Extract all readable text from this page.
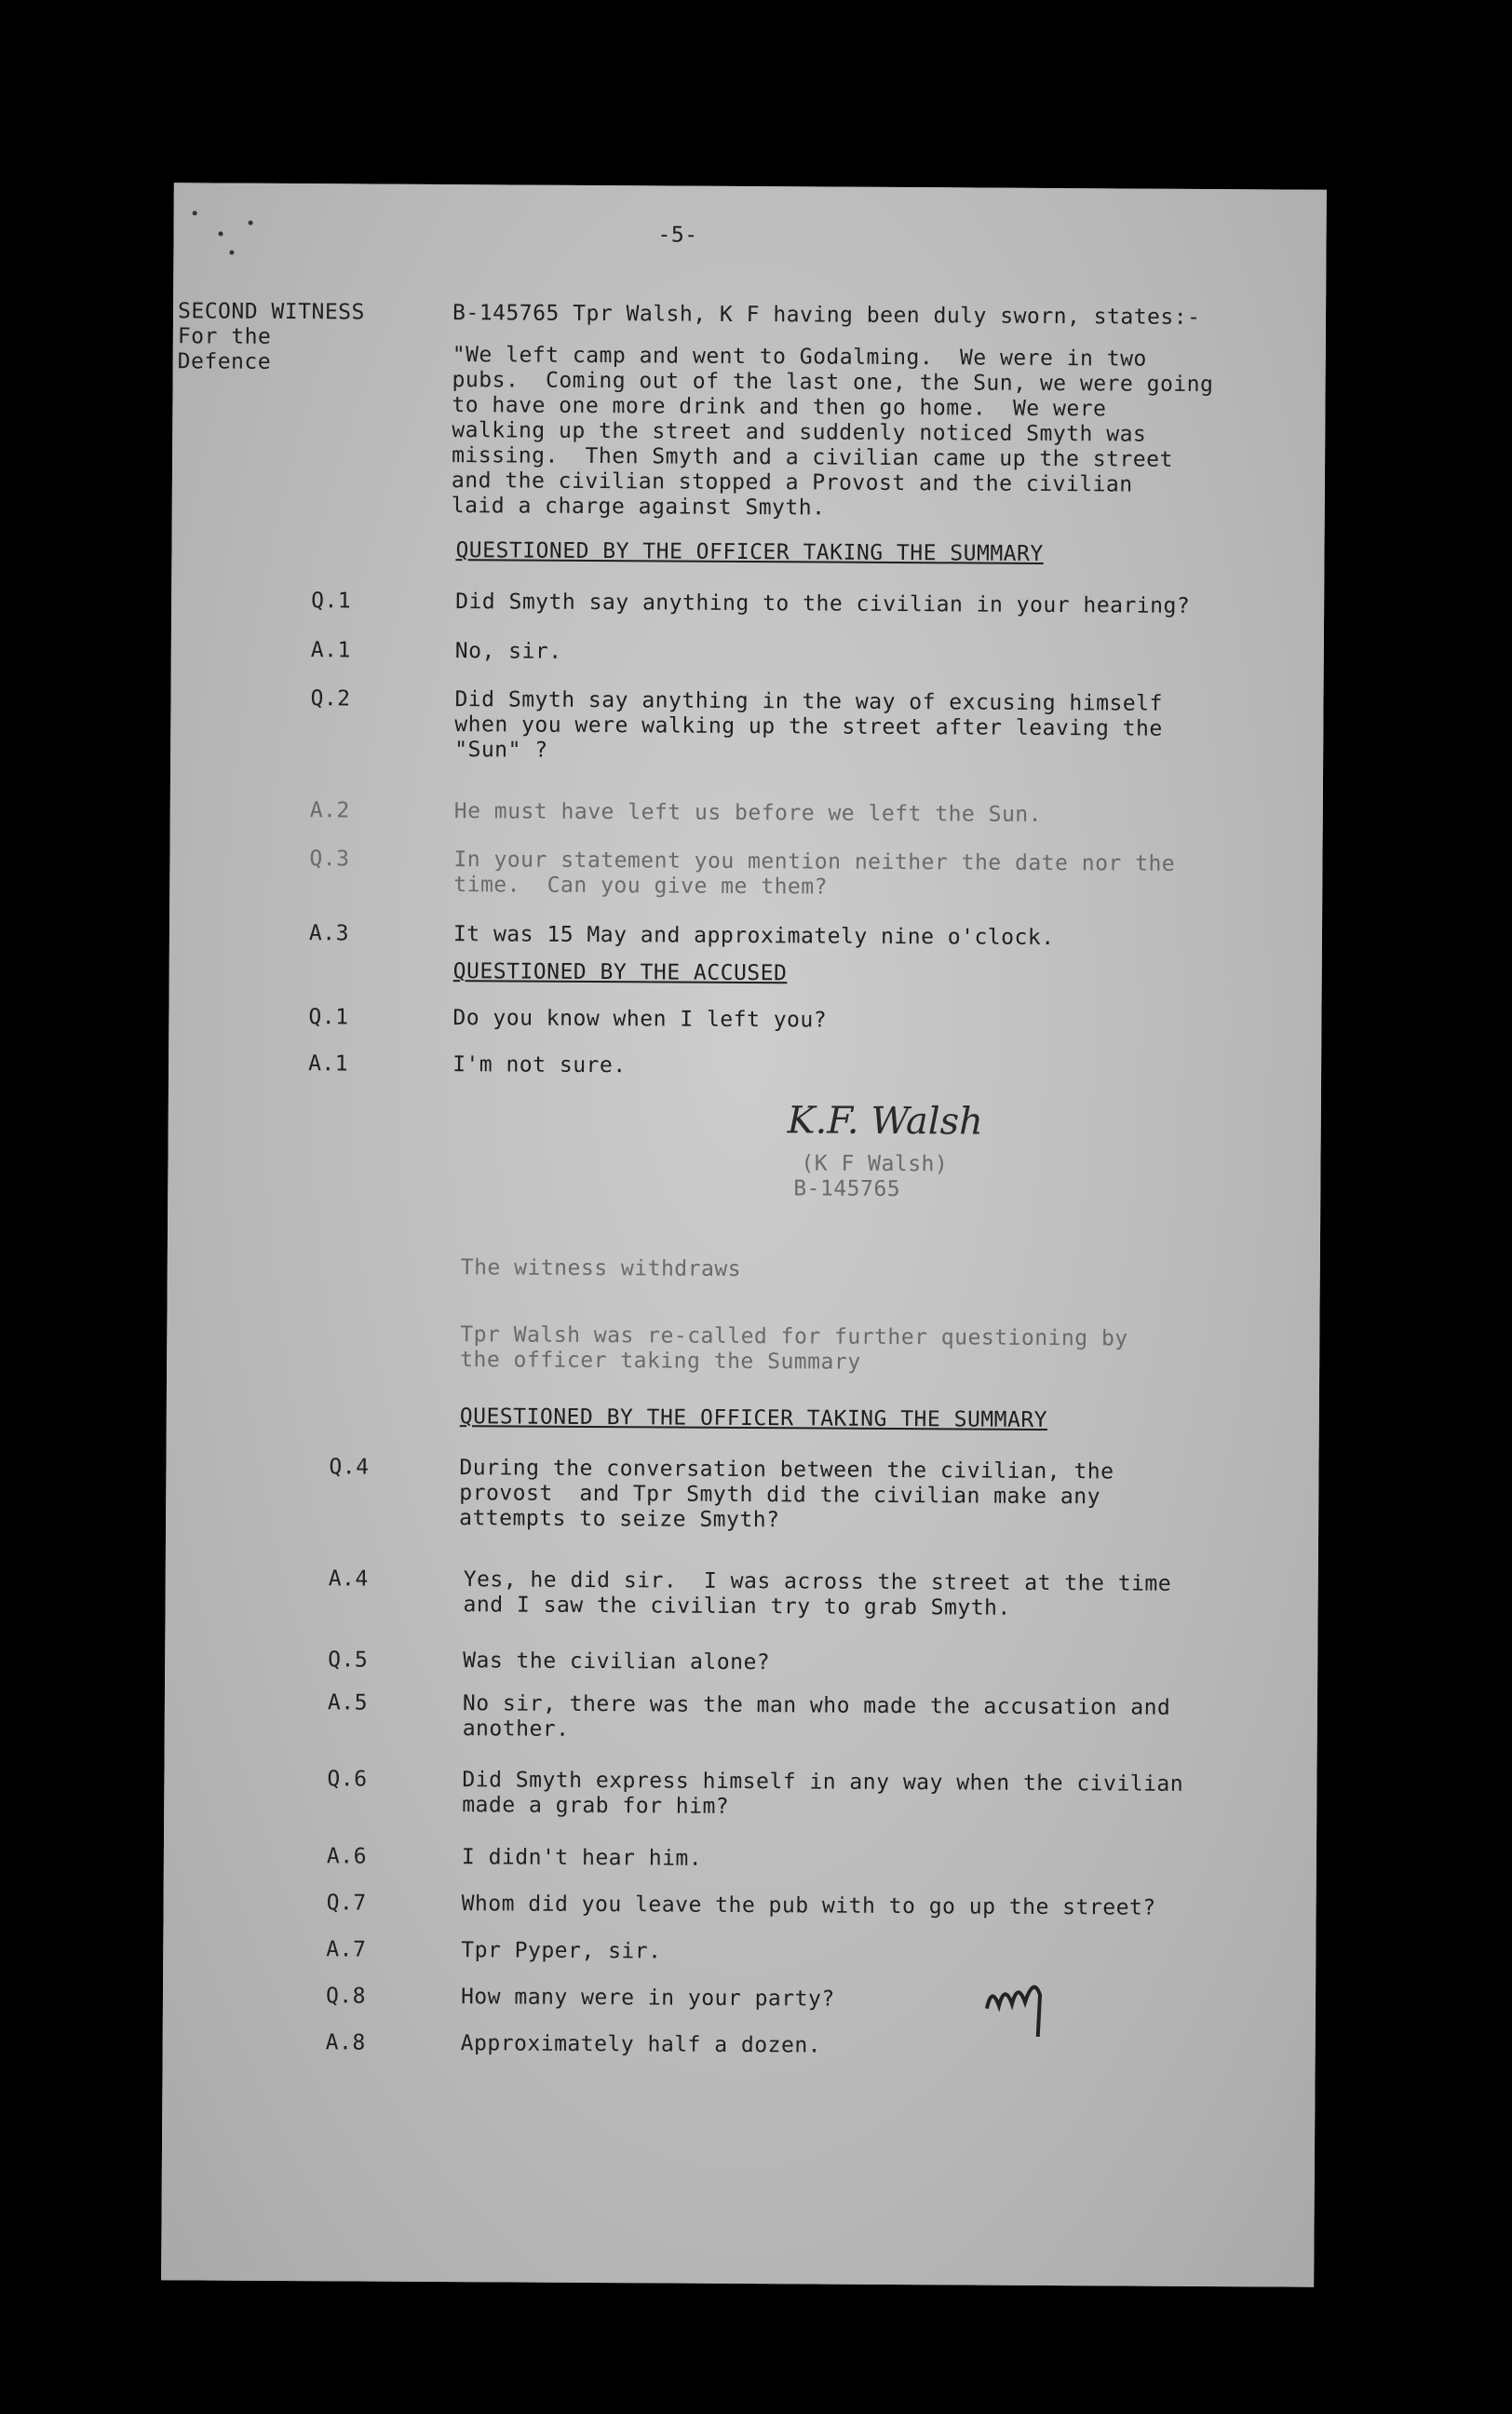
-5-
SECOND WITNESS
For the
Defence
B-145765 Tpr Walsh, K F having been duly sworn, states:-
"We left camp and went to Godalming.  We were in two
pubs.  Coming out of the last one, the Sun, we were going
to have one more drink and then go home.  We were
walking up the street and suddenly noticed Smyth was
missing.  Then Smyth and a civilian came up the street
and the civilian stopped a Provost and the civilian
laid a charge against Smyth.
QUESTIONED BY THE OFFICER TAKING THE SUMMARY
Q.1	Did Smyth say anything to the civilian in your hearing?
A.1	No, sir.
Q.2	Did Smyth say anything in the way of excusing himself
when you were walking up the street after leaving the
"Sun" ?
A.2	He must have left us before we left the Sun.
Q.3	In your statement you mention neither the date nor the
time.  Can you give me them?
A.3	It was 15 May and approximately nine o'clock.
QUESTIONED BY THE ACCUSED
Q.1	Do you know when I left you?
A.1	I'm not sure.
K.F. Walsh
(K F Walsh)
B-145765
The witness withdraws
Tpr Walsh was re-called for further questioning by
the officer taking the Summary
QUESTIONED BY THE OFFICER TAKING THE SUMMARY
Q.4	During the conversation between the civilian, the
provost  and Tpr Smyth did the civilian make any
attempts to seize Smyth?
A.4	Yes, he did sir.  I was across the street at the time
and I saw the civilian try to grab Smyth.
Q.5	Was the civilian alone?
A.5	No sir, there was the man who made the accusation and
another.
Q.6	Did Smyth express himself in any way when the civilian
made a grab for him?
A.6	I didn't hear him.
Q.7	Whom did you leave the pub with to go up the street?
A.7	Tpr Pyper, sir.
Q.8	How many were in your party?
A.8	Approximately half a dozen.
